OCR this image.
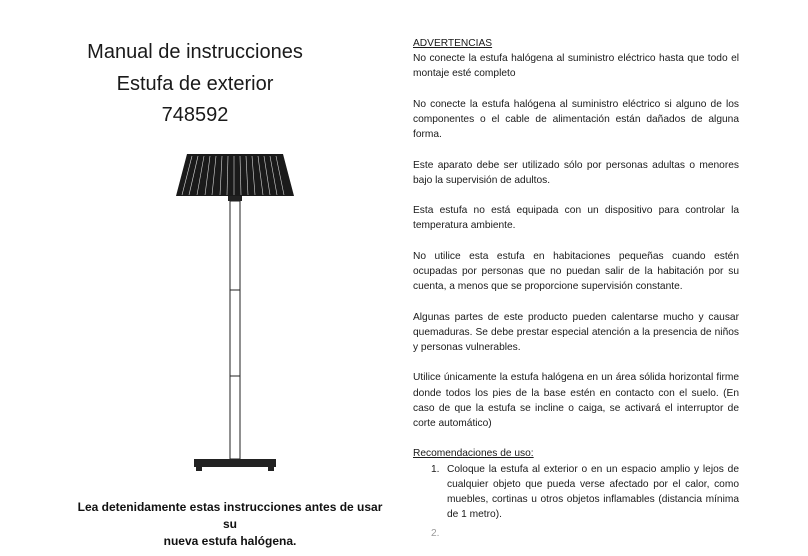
Manual de instrucciones
Estufa de exterior
748592
Lea detenidamente estas instrucciones antes de usar su
nueva estufa halógena.
ADVERTENCIAS

No conecte la estufa halógena al suministro eléctrico hasta que todo el montaje esté completo

No conecte la estufa halógena al suministro eléctrico si alguno de los componentes o el cable de alimentación están dañados de alguna forma.

Este aparato debe ser utilizado sólo por personas adultas o menores bajo la supervisión de adultos.

Esta estufa no está equipada con un dispositivo para controlar la temperatura ambiente.

No utilice esta estufa en habitaciones pequeñas cuando estén ocupadas por personas que no puedan salir de la habitación por su cuenta, a menos que se proporcione supervisión constante.

Algunas partes de este producto pueden calentarse mucho y causar quemaduras. Se debe prestar especial atención a la presencia de niños y personas vulnerables.

Utilice únicamente la estufa halógena en un área sólida horizontal firme donde todos los pies de la base estén en contacto con el suelo. (En caso de que la estufa se incline o caiga, se activará el interruptor de corte automático)

Recomendaciones de uso:
1. Coloque la estufa al exterior o en un espacio amplio y lejos de cualquier objeto que pueda verse afectado por el calor, como muebles, cortinas u otros objetos inflamables (distancia mínima de 1 metro).
2.
